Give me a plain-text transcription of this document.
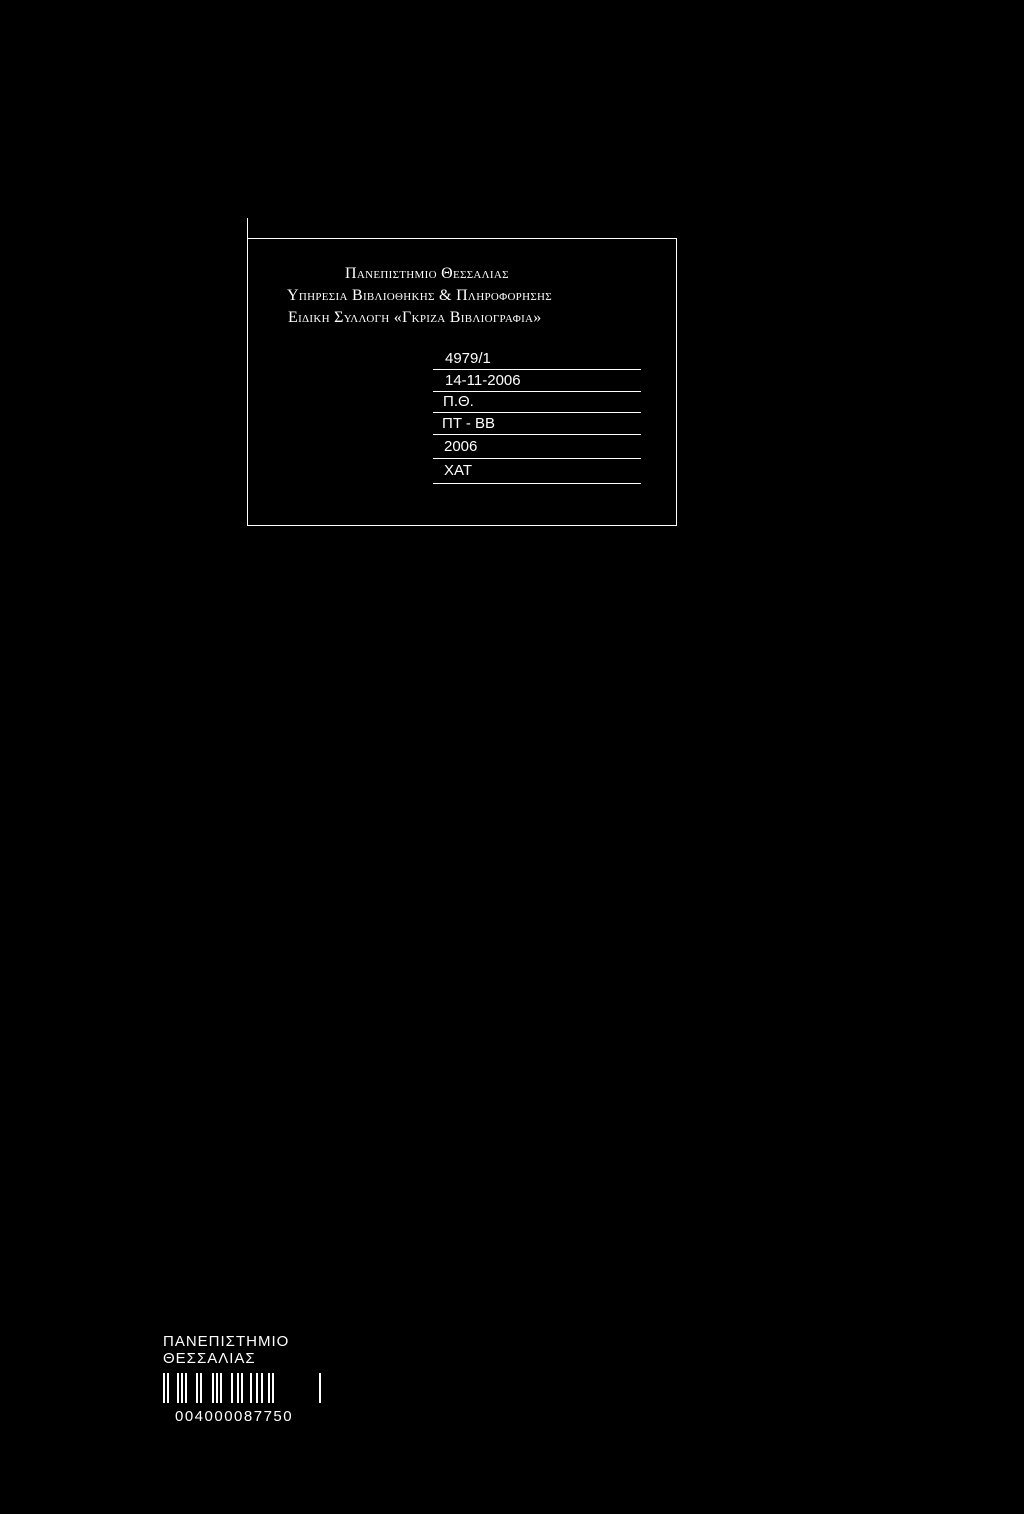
Πανεπιστημιο Θεσσαλιας
Υπηρεσια Βιβλιοθηκης & Πληροφορησης
Ειδικη Συλλογη «Γκριζα Βιβλιογραφια»
4979/1
14-11-2006
Π.Θ.
ΠΤ - ΒΒ
2006
ΧΑΤ
ΠΑΝΕΠΙΣΤΗΜΙΟ
ΘΕΣΣΑΛΙΑΣ
004000087750
